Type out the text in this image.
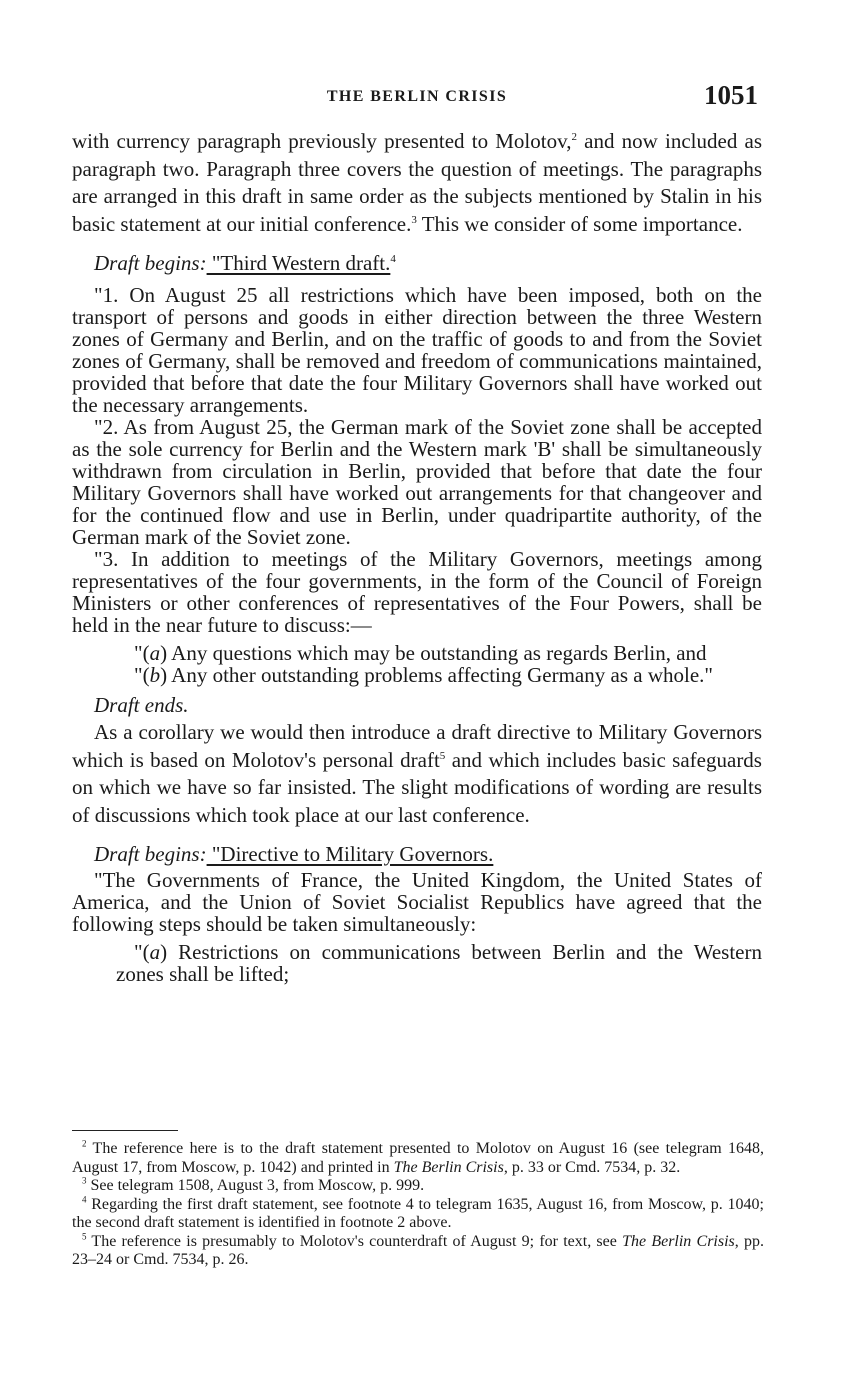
THE BERLIN CRISIS	1051

with currency paragraph previously presented to Molotov,$^2$ and now included as paragraph two. Paragraph three covers the question of meetings. The paragraphs are arranged in this draft in same order as the subjects mentioned by Stalin in his basic statement at our initial conference.$^3$ This we consider of some importance.

Draft begins: "Third Western draft.$^4$

"1. On August 25 all restrictions which have been imposed, both on the transport of persons and goods in either direction between the three Western zones of Germany and Berlin, and on the traffic of goods to and from the Soviet zones of Germany, shall be removed and freedom of communications maintained, provided that before that date the four Military Governors shall have worked out the necessary arrangements.

"2. As from August 25, the German mark of the Soviet zone shall be accepted as the sole currency for Berlin and the Western mark 'B' shall be simultaneously withdrawn from circulation in Berlin, provided that before that date the four Military Governors shall have worked out arrangements for that changeover and for the continued flow and use in Berlin, under quadripartite authority, of the German mark of the Soviet zone.

"3. In addition to meetings of the Military Governors, meetings among representatives of the four governments, in the form of the Council of Foreign Ministers or other conferences of representatives of the Four Powers, shall be held in the near future to discuss:—

"(a) Any questions which may be outstanding as regards Berlin, and

"(b) Any other outstanding problems affecting Germany as a whole."

Draft ends.

As a corollary we would then introduce a draft directive to Military Governors which is based on Molotov's personal draft$^5$ and which includes basic safeguards on which we have so far insisted. The slight modifications of wording are results of discussions which took place at our last conference.

Draft begins: "Directive to Military Governors.

"The Governments of France, the United Kingdom, the United States of America, and the Union of Soviet Socialist Republics have agreed that the following steps should be taken simultaneously:

"(a) Restrictions on communications between Berlin and the Western zones shall be lifted;

$^2$ The reference here is to the draft statement presented to Molotov on August 16 (see telegram 1648, August 17, from Moscow, p. 1042) and printed in The Berlin Crisis, p. 33 or Cmd. 7534, p. 32.

$^3$ See telegram 1508, August 3, from Moscow, p. 999.

$^4$ Regarding the first draft statement, see footnote 4 to telegram 1635, August 16, from Moscow, p. 1040; the second draft statement is identified in footnote 2 above.

$^5$ The reference is presumably to Molotov's counterdraft of August 9; for text, see The Berlin Crisis, pp. 23–24 or Cmd. 7534, p. 26.
